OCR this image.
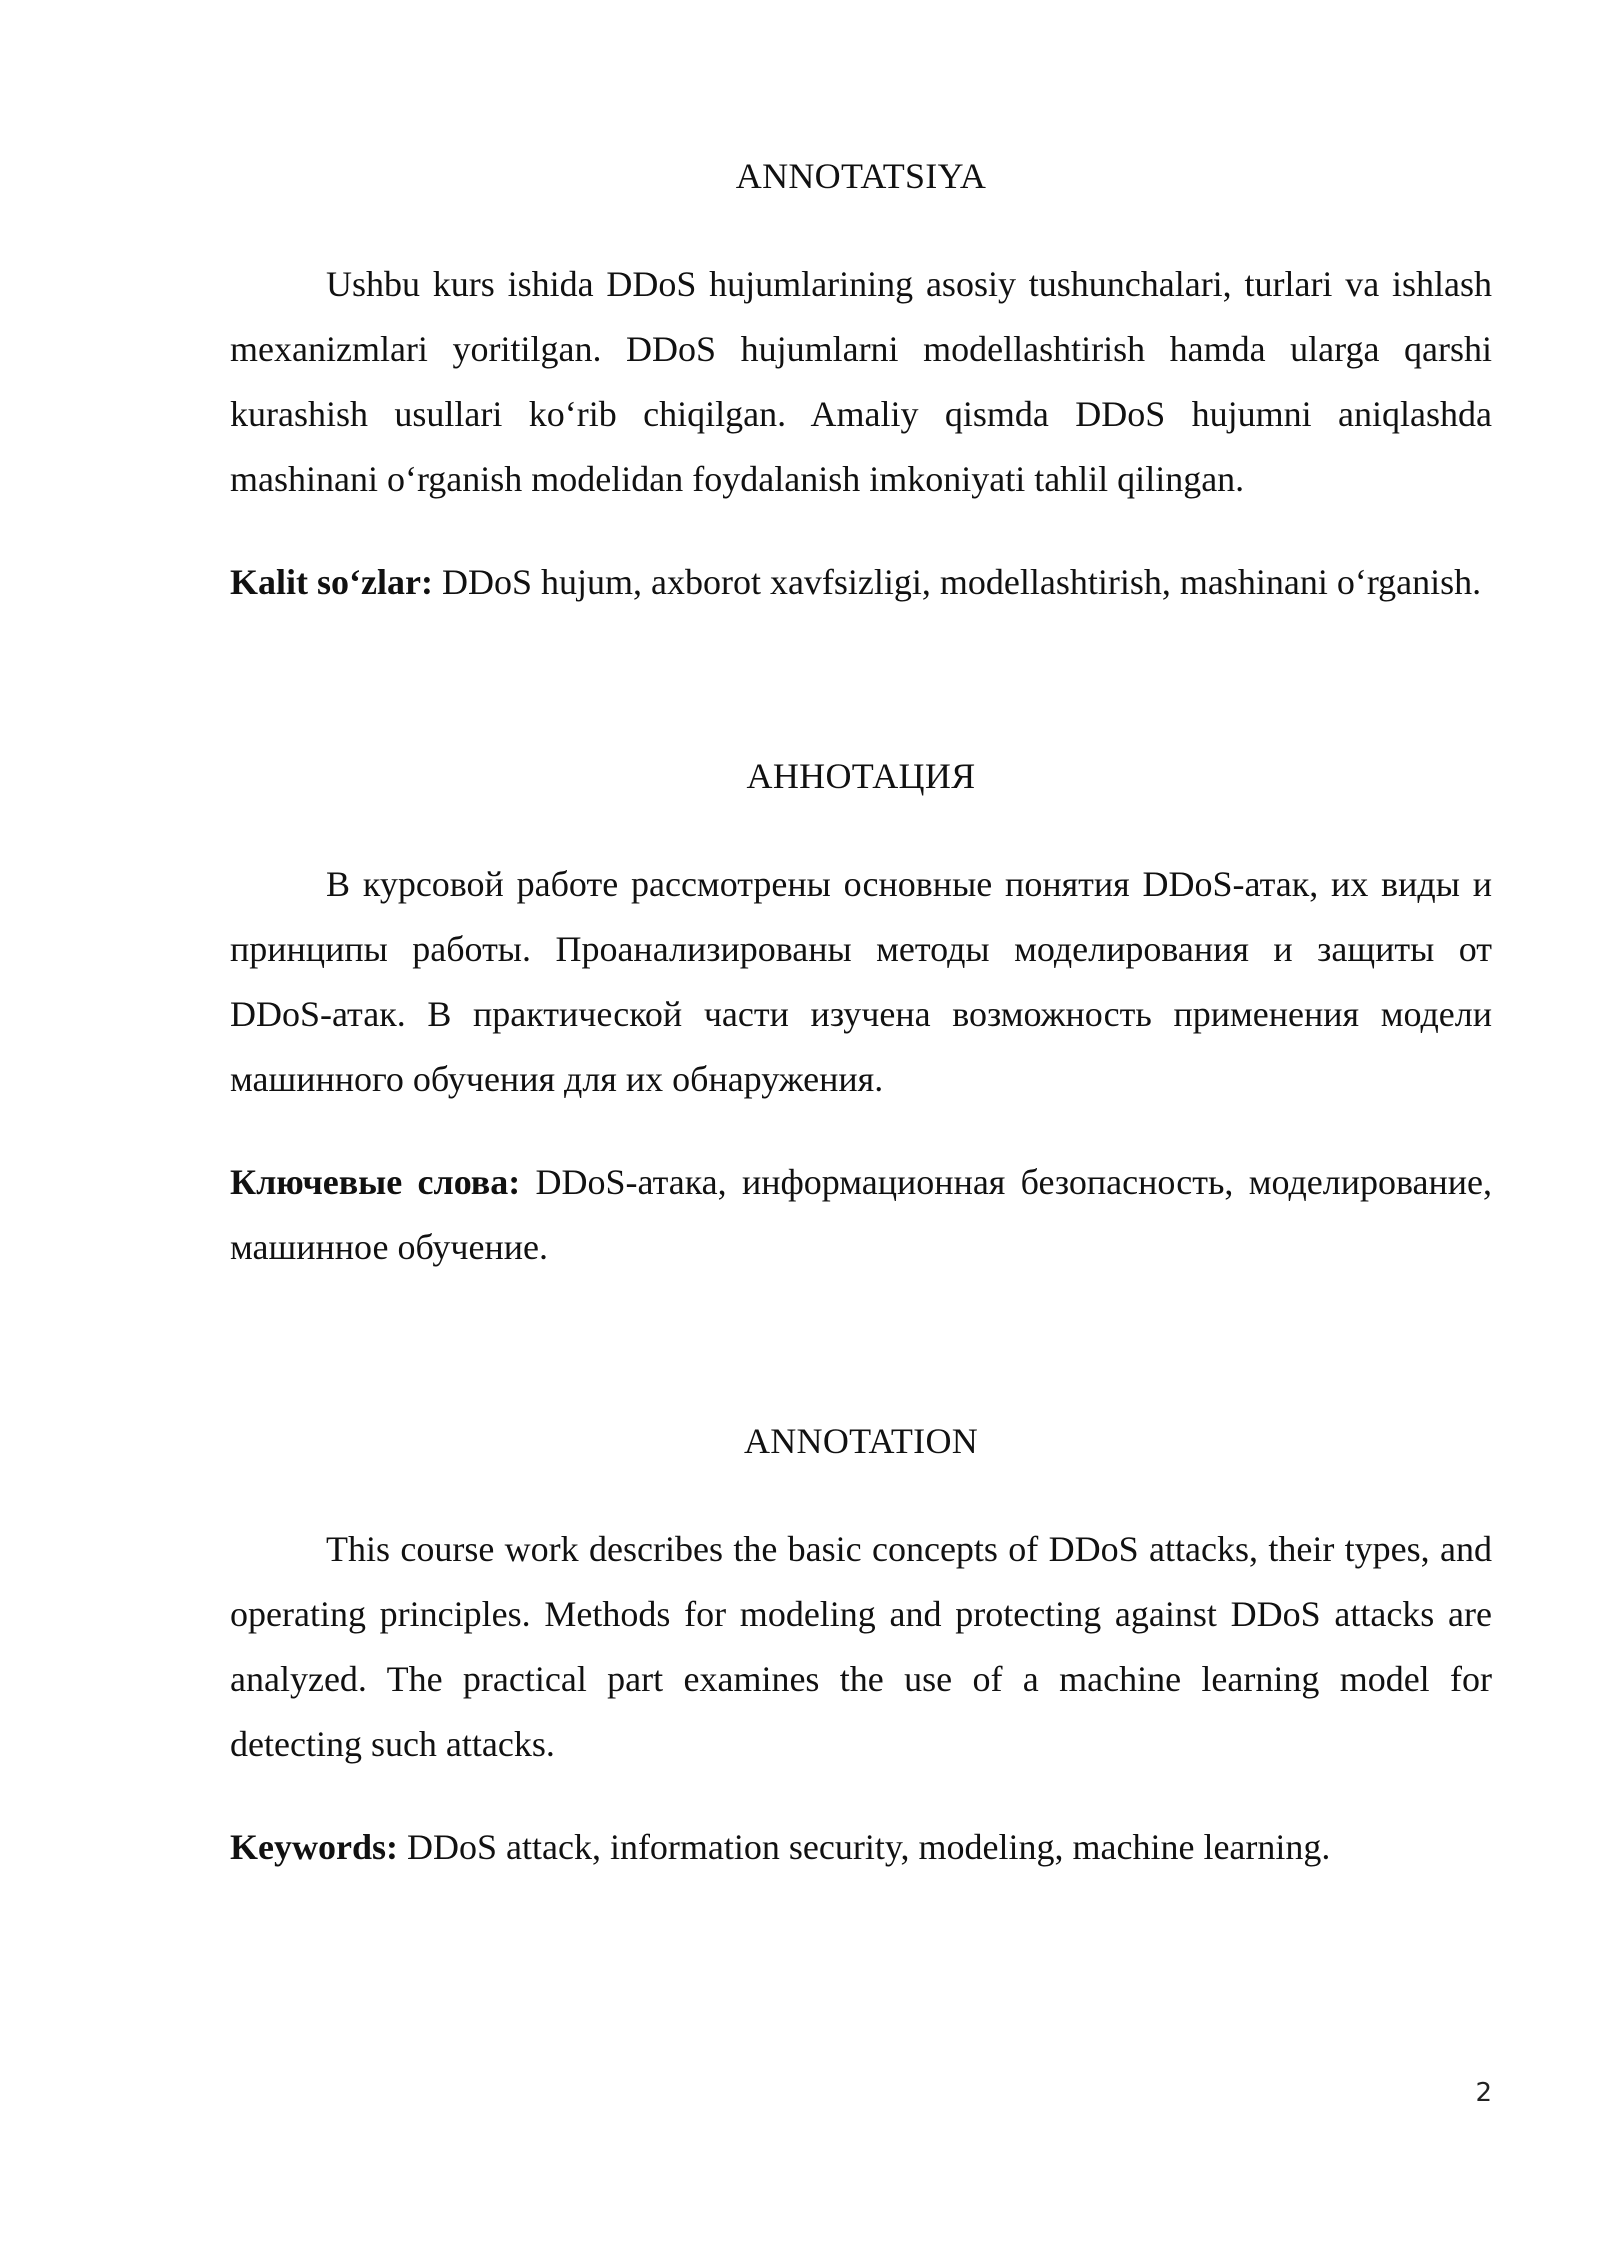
ANNOTATSIYA

Ushbu kurs ishida DDoS hujumlarining asosiy tushunchalari, turlari va ishlash mexanizmlari yoritilgan. DDoS hujumlarni modellashtirish hamda ularga qarshi kurashish usullari koʻrib chiqilgan. Amaliy qismda DDoS hujumni aniqlashda mashinani oʻrganish modelidan foydalanish imkoniyati tahlil qilingan.

Kalit soʻzlar: DDoS hujum, axborot xavfsizligi, modellashtirish, mashinani oʻrganish.

АННОТАЦИЯ

В курсовой работе рассмотрены основные понятия DDoS-атак, их виды и принципы работы. Проанализированы методы моделирования и защиты от DDoS-атак. В практической части изучена возможность применения модели машинного обучения для их обнаружения.

Ключевые слова: DDoS-атака, информационная безопасность, моделирование, машинное обучение.

ANNOTATION

This course work describes the basic concepts of DDoS attacks, their types, and operating principles. Methods for modeling and protecting against DDoS attacks are analyzed. The practical part examines the use of a machine learning model for detecting such attacks.

Keywords: DDoS attack, information security, modeling, machine learning.

2
